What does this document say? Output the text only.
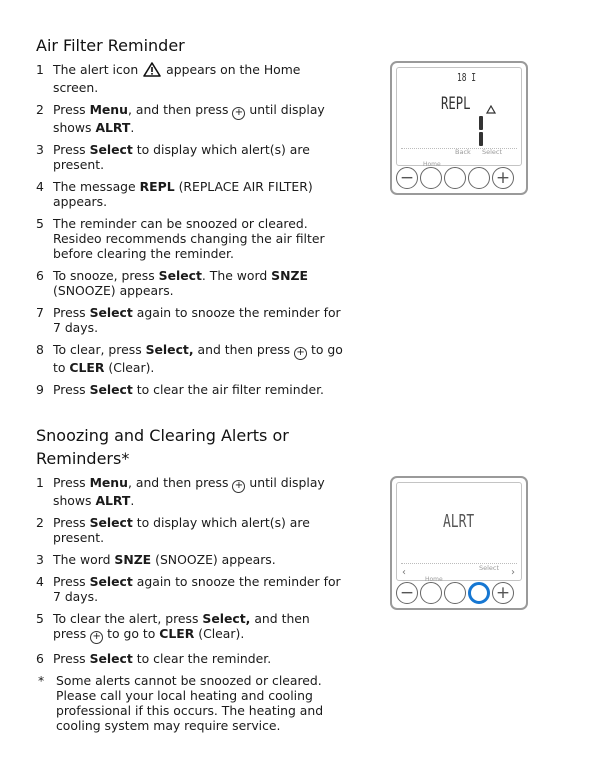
Air Filter Reminder
1 The alert icon appears on the Home screen.
2 Press Menu, and then press + until display shows ALRT.
3 Press Select to display which alert(s) are present.
4 The message REPL (REPLACE AIR FILTER) appears.
5 The reminder can be snoozed or cleared. Resideo recommends changing the air filter before clearing the reminder.
6 To snooze, press Select. The word SNZE (SNOOZE) appears.
7 Press Select again to snooze the reminder for 7 days.
8 To clear, press Select, and then press + to go to CLER (Clear).
9 Press Select to clear the air filter reminder.
Snoozing and Clearing Alerts or Reminders*
1 Press Menu, and then press + until display shows ALRT.
2 Press Select to display which alert(s) are present.
3 The word SNZE (SNOOZE) appears.
4 Press Select again to snooze the reminder for 7 days.
5 To clear the alert, press Select, and then press + to go to CLER (Clear).
6 Press Select to clear the reminder.
* Some alerts cannot be snoozed or cleared. Please call your local heating and cooling professional if this occurs. The heating and cooling system may require service.
18 I
REPL
Back Select
Home
−	+
ALRT
Select
‹
Home
›
−	+
